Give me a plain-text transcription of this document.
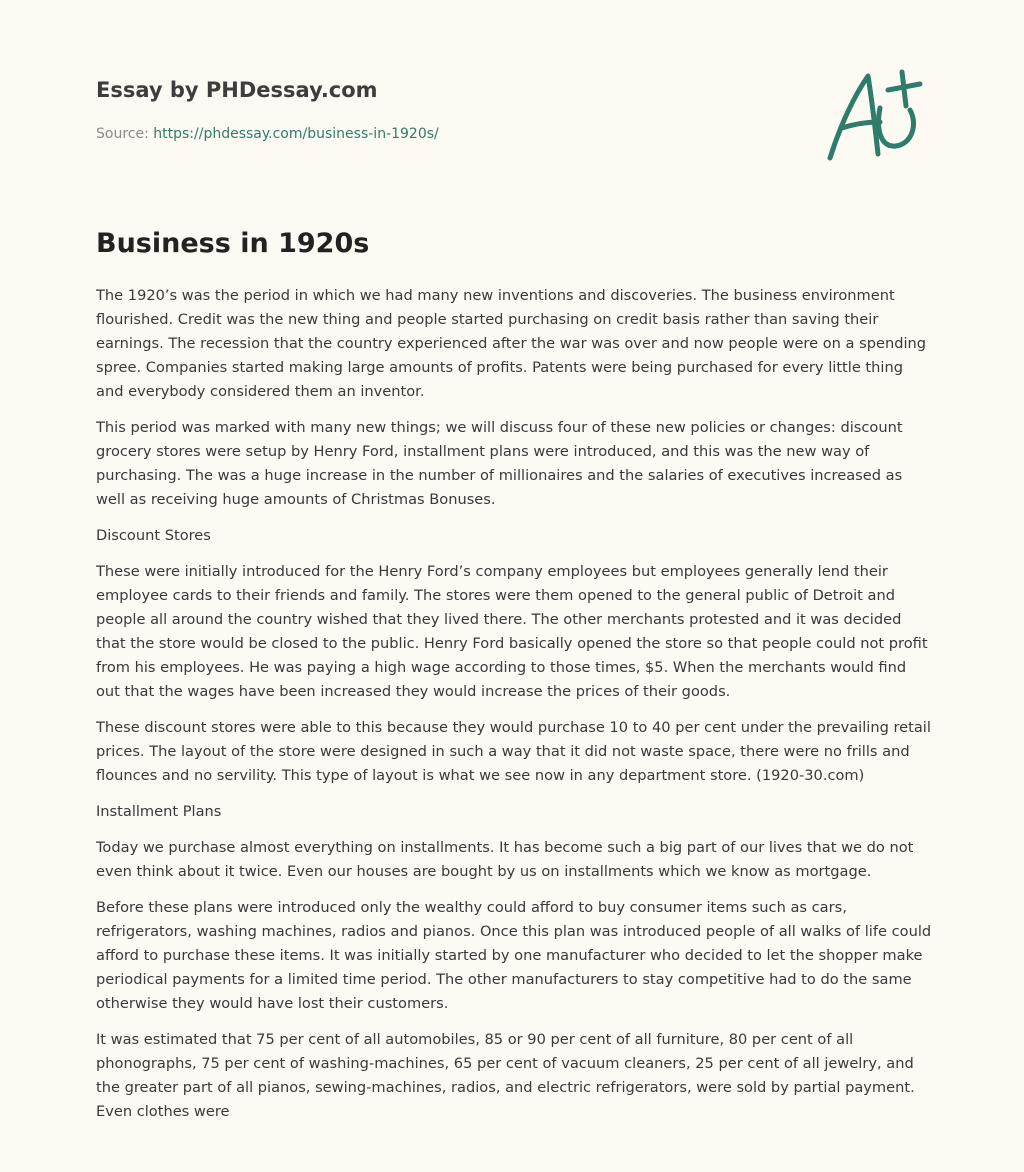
Essay by PHDessay.com
Source: https://phdessay.com/business-in-1920s/
Business in 1920s

The 1920’s was the period in which we had many new inventions and discoveries. The business environment flourished. Credit was the new thing and people started purchasing on credit basis rather than saving their earnings. The recession that the country experienced after the war was over and now people were on a spending spree. Companies started making large amounts of profits. Patents were being purchased for every little thing and everybody considered them an inventor.

This period was marked with many new things; we will discuss four of these new policies or changes: discount grocery stores were setup by Henry Ford, installment plans were introduced, and this was the new way of purchasing. The was a huge increase in the number of millionaires and the salaries of executives increased as well as receiving huge amounts of Christmas Bonuses.

Discount Stores

These were initially introduced for the Henry Ford’s company employees but employees generally lend their employee cards to their friends and family. The stores were them opened to the general public of Detroit and people all around the country wished that they lived there. The other merchants protested and it was decided that the store would be closed to the public. Henry Ford basically opened the store so that people could not profit from his employees. He was paying a high wage according to those times, $5. When the merchants would find out that the wages have been increased they would increase the prices of their goods.

These discount stores were able to this because they would purchase 10 to 40 per cent under the prevailing retail prices. The layout of the store were designed in such a way that it did not waste space, there were no frills and flounces and no servility. This type of layout is what we see now in any department store. (1920-30.com)

Installment Plans

Today we purchase almost everything on installments. It has become such a big part of our lives that we do not even think about it twice. Even our houses are bought by us on installments which we know as mortgage.

Before these plans were introduced only the wealthy could afford to buy consumer items such as cars, refrigerators, washing machines, radios and pianos. Once this plan was introduced people of all walks of life could afford to purchase these items. It was initially started by one manufacturer who decided to let the shopper make periodical payments for a limited time period. The other manufacturers to stay competitive had to do the same otherwise they would have lost their customers.

It was estimated that 75 per cent of all automobiles, 85 or 90 per cent of all furniture, 80 per cent of all phonographs, 75 per cent of washing-machines, 65 per cent of vacuum cleaners, 25 per cent of all jewelry, and the greater part of all pianos, sewing-machines, radios, and electric refrigerators, were sold by partial payment. Even clothes were
